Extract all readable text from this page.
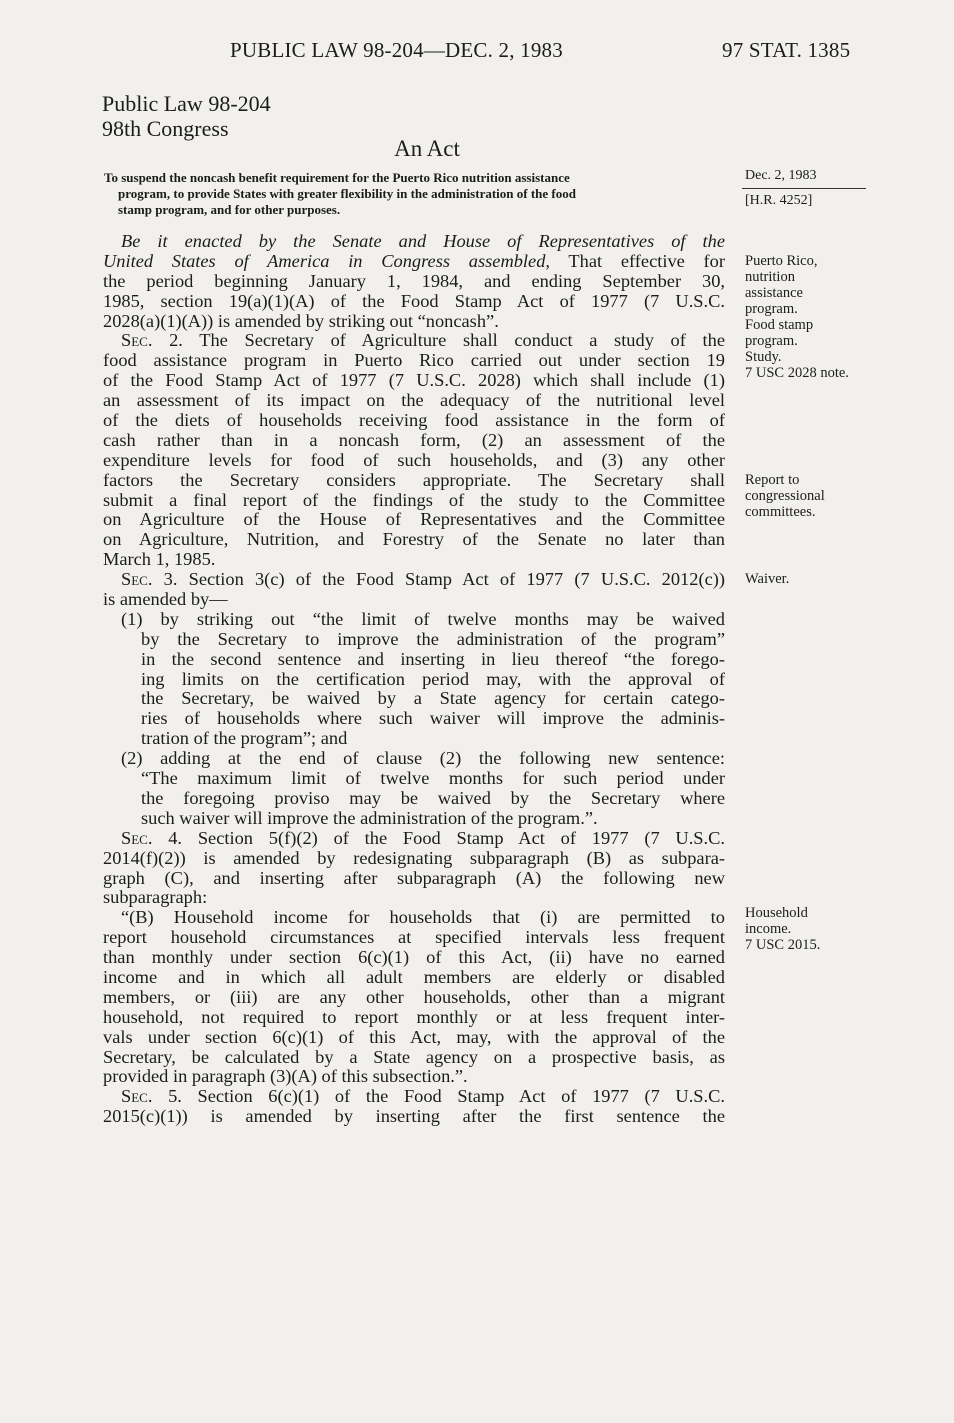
PUBLIC LAW 98-204—DEC. 2, 1983	97 STAT. 1385
Public Law 98-204
98th Congress
An Act
To suspend the noncash benefit requirement for the Puerto Rico nutrition assistance
program, to provide States with greater flexibility in the administration of the food
stamp program, and for other purposes.
Dec. 2, 1983
[H.R. 4252]
Be it enacted by the Senate and House of Representatives of the
United States of America in Congress assembled, That effective for
the period beginning January 1, 1984, and ending September 30,
1985, section 19(a)(1)(A) of the Food Stamp Act of 1977 (7 U.S.C.
2028(a)(1)(A)) is amended by striking out “noncash”.
Sec. 2. The Secretary of Agriculture shall conduct a study of the
food assistance program in Puerto Rico carried out under section 19
of the Food Stamp Act of 1977 (7 U.S.C. 2028) which shall include (1)
an assessment of its impact on the adequacy of the nutritional level
of the diets of households receiving food assistance in the form of
cash rather than in a noncash form, (2) an assessment of the
expenditure levels for food of such households, and (3) any other
factors the Secretary considers appropriate. The Secretary shall
submit a final report of the findings of the study to the Committee
on Agriculture of the House of Representatives and the Committee
on Agriculture, Nutrition, and Forestry of the Senate no later than
March 1, 1985.
Sec. 3. Section 3(c) of the Food Stamp Act of 1977 (7 U.S.C. 2012(c))
is amended by—
(1) by striking out “the limit of twelve months may be waived
by the Secretary to improve the administration of the program”
in the second sentence and inserting in lieu thereof “the forego-
ing limits on the certification period may, with the approval of
the Secretary, be waived by a State agency for certain catego-
ries of households where such waiver will improve the adminis-
tration of the program”; and
(2) adding at the end of clause (2) the following new sentence:
“The maximum limit of twelve months for such period under
the foregoing proviso may be waived by the Secretary where
such waiver will improve the administration of the program.”.
Sec. 4. Section 5(f)(2) of the Food Stamp Act of 1977 (7 U.S.C.
2014(f)(2)) is amended by redesignating subparagraph (B) as subpara-
graph (C), and inserting after subparagraph (A) the following new
subparagraph:
“(B) Household income for households that (i) are permitted to
report household circumstances at specified intervals less frequent
than monthly under section 6(c)(1) of this Act, (ii) have no earned
income and in which all adult members are elderly or disabled
members, or (iii) are any other households, other than a migrant
household, not required to report monthly or at less frequent inter-
vals under section 6(c)(1) of this Act, may, with the approval of the
Secretary, be calculated by a State agency on a prospective basis, as
provided in paragraph (3)(A) of this subsection.”.
Sec. 5. Section 6(c)(1) of the Food Stamp Act of 1977 (7 U.S.C.
2015(c)(1)) is amended by inserting after the first sentence the
Puerto Rico,
nutrition
assistance
program.
Food stamp
program.
Study.
7 USC 2028 note.
Report to
congressional
committees.
Waiver.
Household
income.
7 USC 2015.
